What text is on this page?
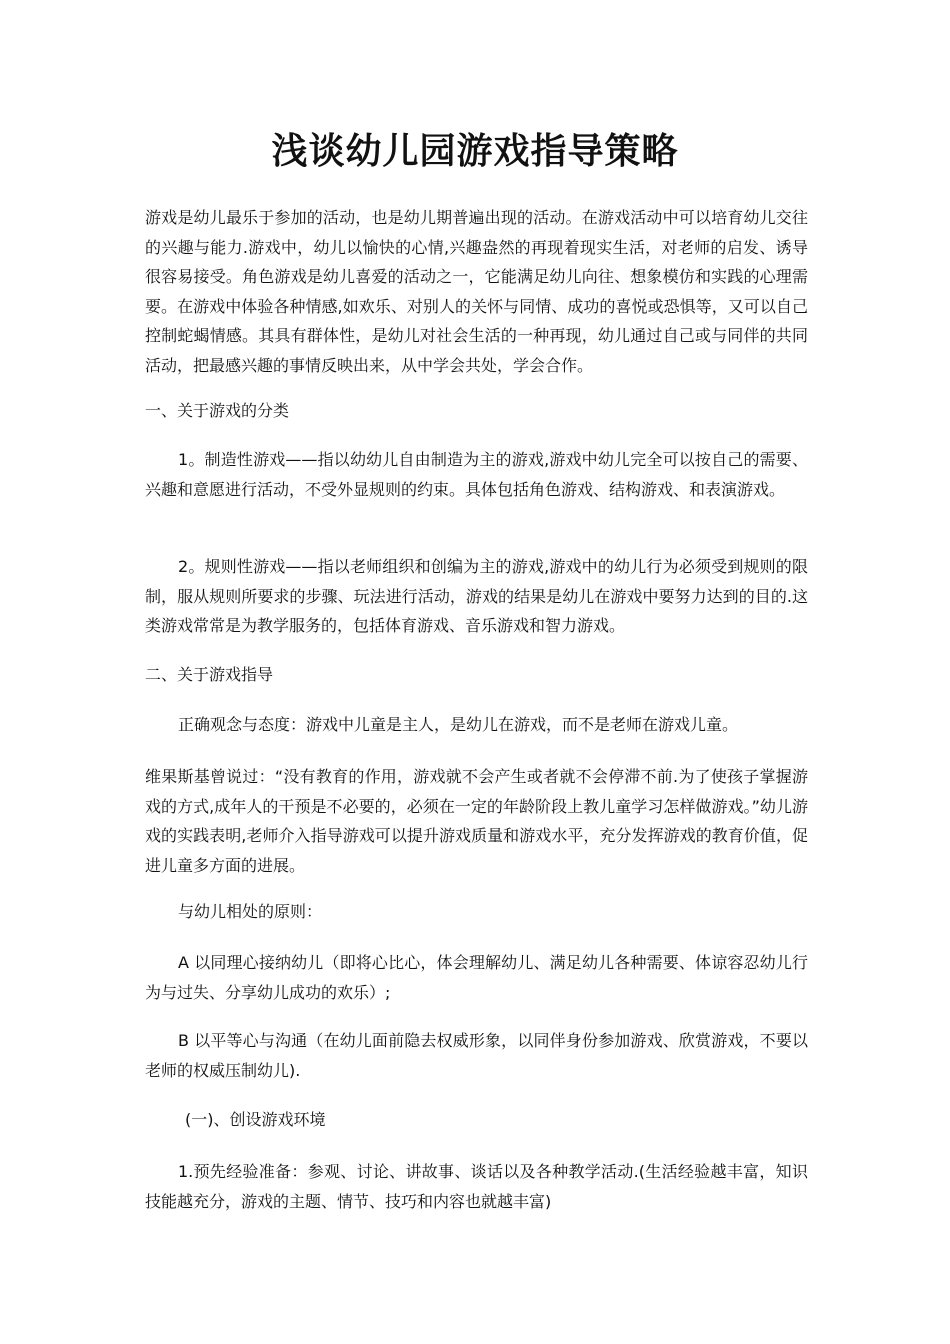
浅谈幼儿园游戏指导策略
游戏是幼儿最乐于参加的活动，也是幼儿期普遍出现的活动。在游戏活动中可以培育幼儿交往的兴趣与能力.游戏中，幼儿以愉快的心情,兴趣盎然的再现着现实生活，对老师的启发、诱导很容易接受。角色游戏是幼儿喜爱的活动之一，它能满足幼儿向往、想象模仿和实践的心理需要。在游戏中体验各种情感,如欢乐、对别人的关怀与同情、成功的喜悦或恐惧等，又可以自己控制蛇蝎情感。其具有群体性，是幼儿对社会生活的一种再现，幼儿通过自己或与同伴的共同活动，把最感兴趣的事情反映出来，从中学会共处，学会合作。
一、关于游戏的分类
1。制造性游戏——指以幼幼儿自由制造为主的游戏,游戏中幼儿完全可以按自己的需要、兴趣和意愿进行活动，不受外显规则的约束。具体包括角色游戏、结构游戏、和表演游戏。
2。规则性游戏——指以老师组织和创编为主的游戏,游戏中的幼儿行为必须受到规则的限制，服从规则所要求的步骤、玩法进行活动，游戏的结果是幼儿在游戏中要努力达到的目的.这类游戏常常是为教学服务的，包括体育游戏、音乐游戏和智力游戏。
二、关于游戏指导
正确观念与态度：游戏中儿童是主人，是幼儿在游戏，而不是老师在游戏儿童。
维果斯基曾说过：“没有教育的作用，游戏就不会产生或者就不会停滞不前.为了使孩子掌握游戏的方式,成年人的干预是不必要的，必须在一定的年龄阶段上教儿童学习怎样做游戏。”幼儿游戏的实践表明,老师介入指导游戏可以提升游戏质量和游戏水平，充分发挥游戏的教育价值，促进儿童多方面的进展。
与幼儿相处的原则：
A 以同理心接纳幼儿（即将心比心，体会理解幼儿、满足幼儿各种需要、体谅容忍幼儿行为与过失、分享幼儿成功的欢乐）;
B 以平等心与沟通（在幼儿面前隐去权威形象，以同伴身份参加游戏、欣赏游戏，不要以老师的权威压制幼儿).
(一)、创设游戏环境
1.预先经验准备：参观、讨论、讲故事、谈话以及各种教学活动.(生活经验越丰富，知识技能越充分，游戏的主题、情节、技巧和内容也就越丰富)
